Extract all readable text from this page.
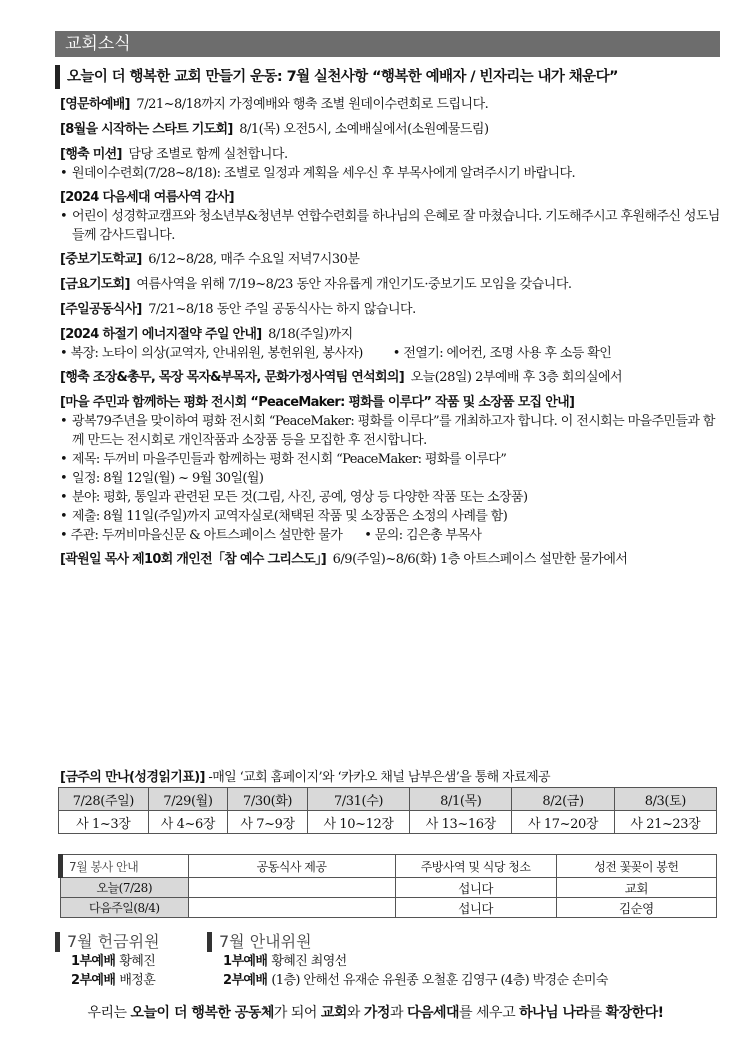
교회소식
오늘이 더 행복한 교회 만들기 운동: 7월 실천사항 “행복한 예배자 / 빈자리는 내가 채운다”
[영문하예배] 7/21~8/18까지 가정예배와 행축 조별 원데이수련회로 드립니다.
[8월을 시작하는 스타트 기도회] 8/1(목) 오전5시, 소예배실에서(소원예물드림)
[행축 미션] 담당 조별로 함께 실천합니다.
• 원데이수련회(7/28~8/18): 조별로 일정과 계획을 세우신 후 부목사에게 알려주시기 바랍니다.
[2024 다음세대 여름사역 감사]
• 어린이 성경학교캠프와 청소년부&청년부 연합수련회를 하나님의 은혜로 잘 마쳤습니다. 기도해주시고 후원해주신 성도님들께 감사드립니다.
[중보기도학교] 6/12~8/28, 매주 수요일 저녁7시30분
[금요기도회] 여름사역을 위해 7/19~8/23 동안 자유롭게 개인기도·중보기도 모임을 갖습니다.
[주일공동식사] 7/21~8/18 동안 주일 공동식사는 하지 않습니다.
[2024 하절기 에너지절약 주일 안내] 8/18(주일)까지
• 복장: 노타이 의상(교역자, 안내위원, 봉헌위원, 봉사자) • 전열기: 에어컨, 조명 사용 후 소등 확인
[행축 조장&총무, 목장 목자&부목자, 문화가정사역팀 연석회의] 오늘(28일) 2부예배 후 3층 회의실에서
[마을 주민과 함께하는 평화 전시회 “PeaceMaker: 평화를 이루다” 작품 및 소장품 모집 안내]
• 광복79주년을 맞이하여 평화 전시회 “PeaceMaker: 평화를 이루다”를 개최하고자 합니다. 이 전시회는 마을주민들과 함께 만드는 전시회로 개인작품과 소장품 등을 모집한 후 전시합니다.
• 제목: 두꺼비 마을주민들과 함께하는 평화 전시회 “PeaceMaker: 평화를 이루다”
• 일정: 8월 12일(월) ~ 9월 30일(월)
• 분야: 평화, 통일과 관련된 모든 것(그림, 사진, 공예, 영상 등 다양한 작품 또는 소장품)
• 제출: 8월 11일(주일)까지 교역자실로(채택된 작품 및 소장품은 소정의 사례를 함)
• 주관: 두꺼비마을신문 & 아트스페이스 설만한 물가 • 문의: 김은총 부목사
[곽원일 목사 제10회 개인전「참 예수 그리스도」] 6/9(주일)~8/6(화) 1층 아트스페이스 설만한 물가에서
[금주의 만나(성경읽기표)] -매일 ‘교회 홈페이지’와 ‘카카오 채널 남부은샘’을 통해 자료제공
7/28(주일)	7/29(월)	7/30(화)	7/31(수)	8/1(목)	8/2(금)	8/3(토)
사 1~3장	사 4~6장	사 7~9장	사 10~12장	사 13~16장	사 17~20장	사 21~23장
7월 봉사 안내	공동식사 제공	주방사역 및 식당 청소	성전 꽃꽂이 봉헌
오늘(7/28)		섭니다	교회
다음주일(8/4)		섭니다	김순영
7월 헌금위원
1부예배 황혜진
2부예배 배정훈
7월 안내위원
1부예배 황혜진 최영선
2부예배 (1층) 안해선 유재순 유원종 오철훈 김영구 (4층) 박경순 손미숙
우리는 오늘이 더 행복한 공동체가 되어 교회와 가정과 다음세대를 세우고 하나님 나라를 확장한다!
